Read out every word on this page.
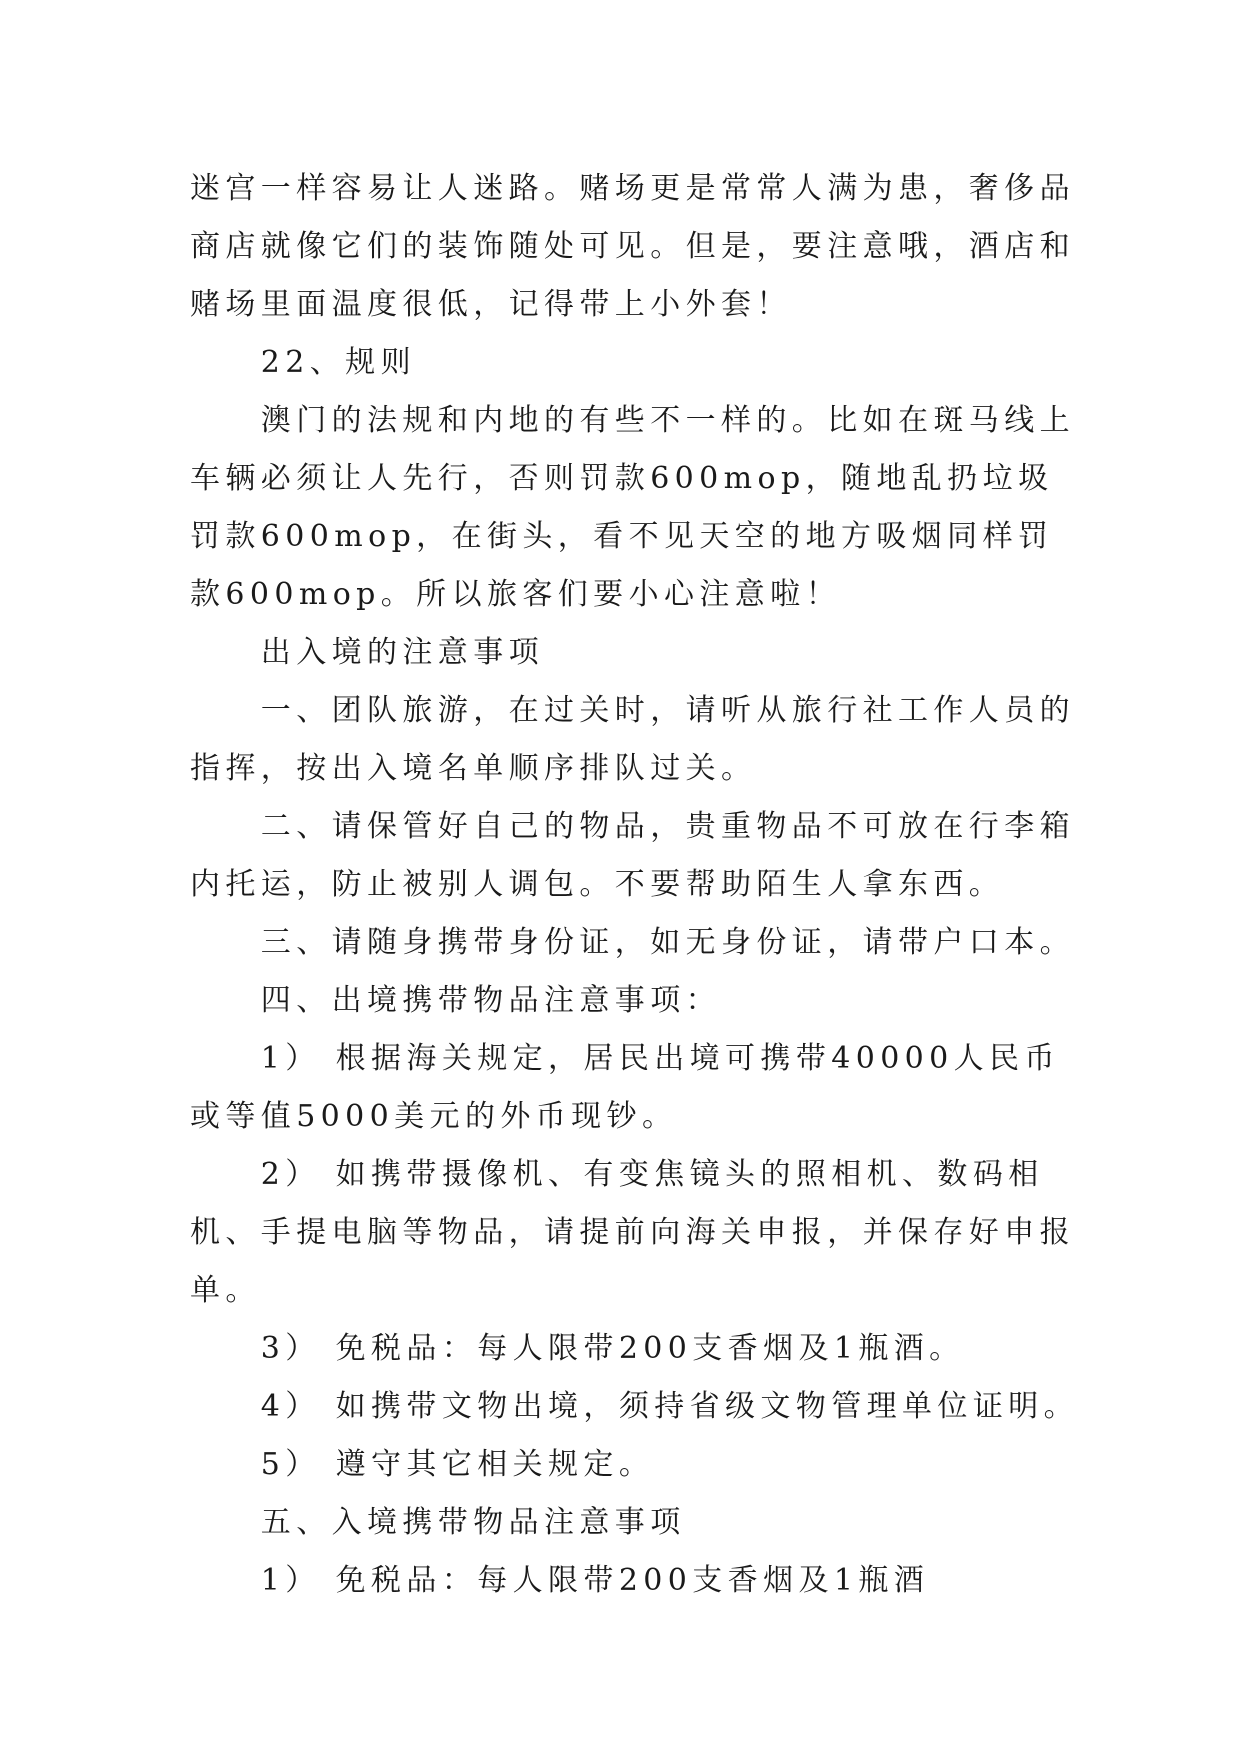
迷宫一样容易让人迷路。赌场更是常常人满为患，奢侈品商店就像它们的装饰随处可见。但是，要注意哦，酒店和赌场里面温度很低，记得带上小外套！

22、规则

澳门的法规和内地的有些不一样的。比如在斑马线上车辆必须让人先行，否则罚款600mop，随地乱扔垃圾罚款600mop，在街头，看不见天空的地方吸烟同样罚款600mop。所以旅客们要小心注意啦！

出入境的注意事项

一、团队旅游，在过关时，请听从旅行社工作人员的指挥，按出入境名单顺序排队过关。

二、请保管好自己的物品，贵重物品不可放在行李箱内托运，防止被别人调包。不要帮助陌生人拿东西。

三、请随身携带身份证，如无身份证，请带户口本。

四、出境携带物品注意事项：

1） 根据海关规定，居民出境可携带40000人民币或等值5000美元的外币现钞。

2） 如携带摄像机、有变焦镜头的照相机、数码相机、手提电脑等物品，请提前向海关申报，并保存好申报单。

3） 免税品：每人限带200支香烟及1瓶酒。

4） 如携带文物出境，须持省级文物管理单位证明。

5） 遵守其它相关规定。

五、入境携带物品注意事项

1） 免税品：每人限带200支香烟及1瓶酒
